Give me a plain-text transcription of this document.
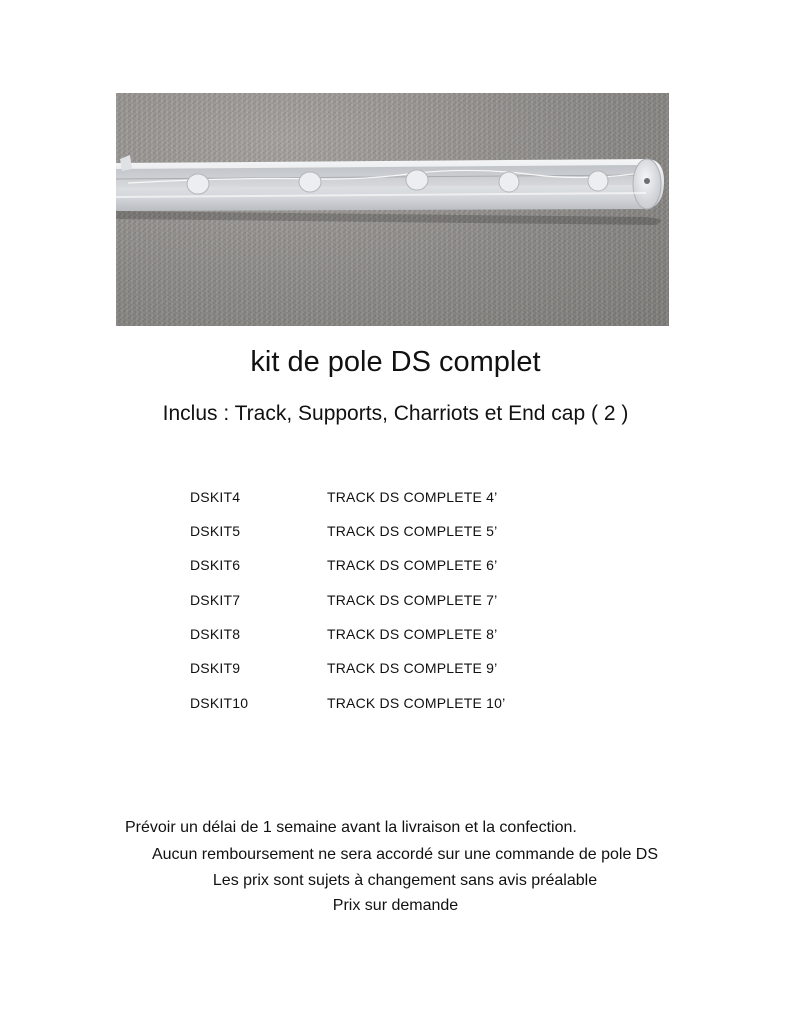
kit de pole DS complet
Inclus : Track, Supports, Charriots et End cap ( 2 )
DSKIT4	TRACK DS COMPLETE 4’
DSKIT5	TRACK DS COMPLETE 5’
DSKIT6	TRACK DS COMPLETE 6’
DSKIT7	TRACK DS COMPLETE 7’
DSKIT8	TRACK DS COMPLETE 8’
DSKIT9	TRACK DS COMPLETE 9’
DSKIT10	TRACK DS COMPLETE 10’
Prévoir un délai de 1 semaine avant la livraison et la confection.
Aucun remboursement ne sera accordé sur une commande de pole DS
Les prix sont sujets à changement sans avis préalable
Prix sur demande
